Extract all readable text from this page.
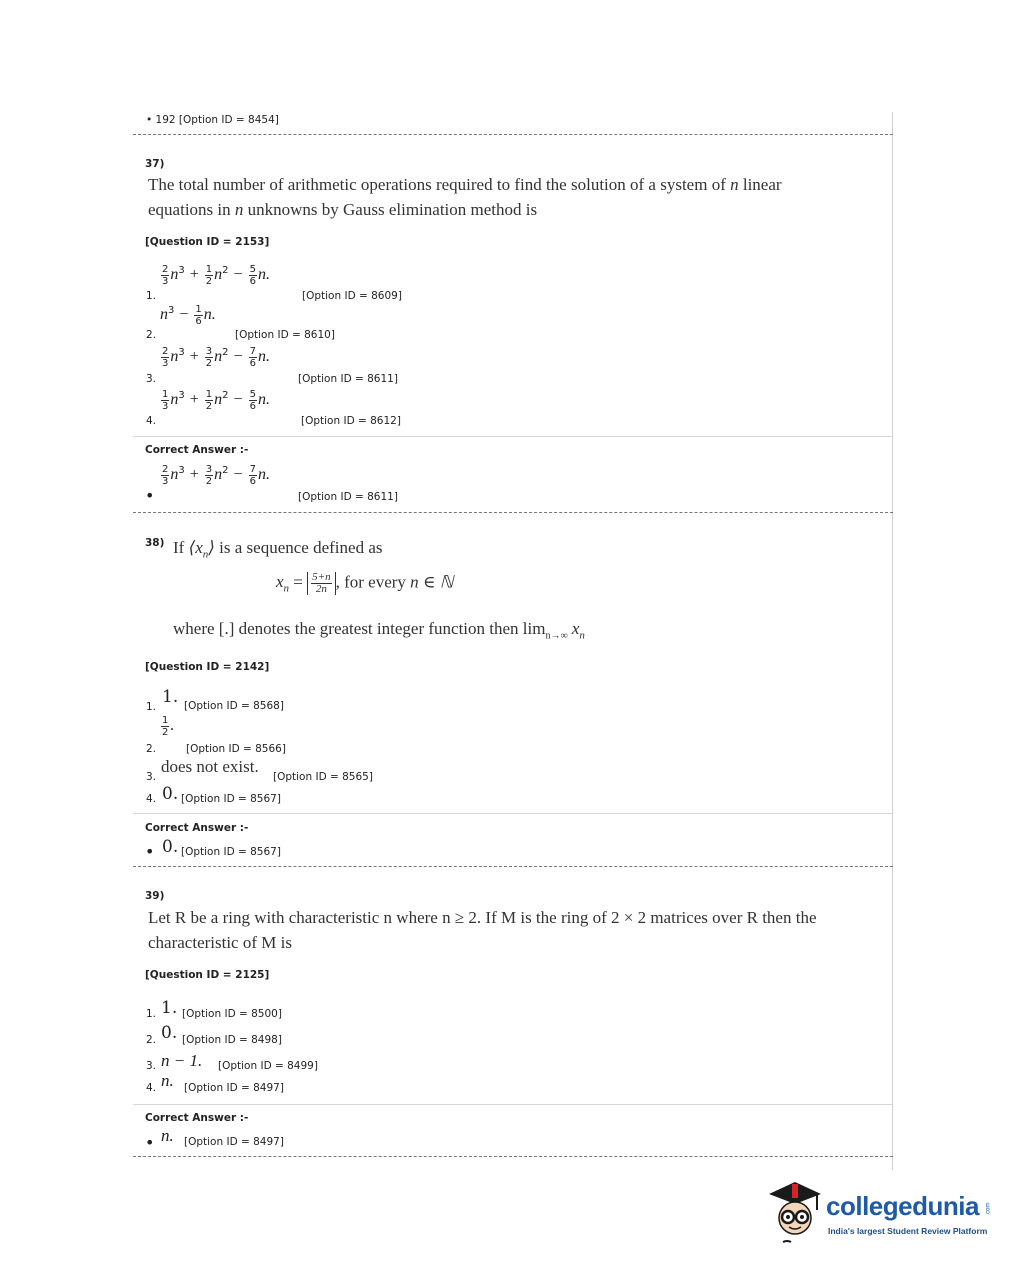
• 192 [Option ID = 8454]
37)
The total number of arithmetic operations required to find the solution of a system of n linear
equations in n unknowns by Gauss elimination method is
[Question ID = 2153]
1.
$\frac{2}{3} n^3 + \frac{1}{2} n^2 - \frac{5}{6} n$.
[Option ID = 8609]
2.
$n^3 - \frac{1}{6} n$.
[Option ID = 8610]
3.
$\frac{2}{3} n^3 + \frac{3}{2} n^2 - \frac{7}{6} n$.
[Option ID = 8611]
4.
$\frac{1}{3} n^3 + \frac{1}{2} n^2 - \frac{5}{6} n$.
[Option ID = 8612]
Correct Answer :-
•
$\frac{2}{3} n^3 + \frac{3}{2} n^2 - \frac{7}{6} n$.
[Option ID = 8611]
38) If $⟨x_n⟩$ is a sequence defined as
$x_n = \frac{5+n}{2n}$ , for every n ∈ ℕ
where [.] denotes the greatest integer function then $\lim_{n\to\infty} x_n$
[Question ID = 2142]
1. 1. [Option ID = 8568]
2.
$\frac{1}{2}$ .
[Option ID = 8566]
3.
does not exist.
[Option ID = 8565]
4. 0. [Option ID = 8567]
Correct Answer :-
• 0. [Option ID = 8567]
39)
Let R be a ring with characteristic n where n ≥ 2. If M is the ring of 2 × 2 matrices over R then the
characteristic of M is
[Question ID = 2125]
1. 1. [Option ID = 8500]
2. 0. [Option ID = 8498]
3. n − 1. [Option ID = 8499]
4. n. [Option ID = 8497]
Correct Answer :-
• n. [Option ID = 8497]
collegedunia .com
India's largest Student Review Platform
